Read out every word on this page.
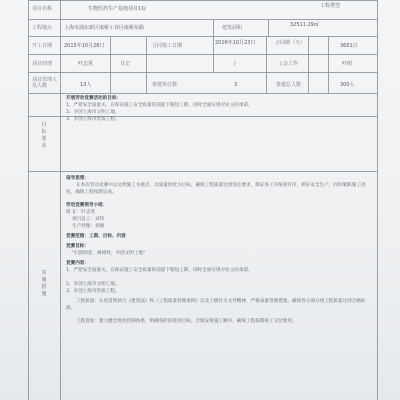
项目名称	生物医药生产基地项目1标	工程类型
工程地点 上海市浦东新区康桥工业区康桥东路	建筑面积	32511.29㎡
开工日期 2015年10月28日	合同竣工日期	2016年10月23日	合同期（天）	3661日
项目经理	叶志英	日记	/	工会工作	叶绍
项目管理人员人数	13人	参建单位数	3	参建总人数	300人
目标要求
开展劳动竞赛活动的目标：
1、严把安全质量关，在保证施工安全质量的前提下缩短工期，同时全面实现对业主的承诺。
2、争创上海市文明工地。
3、争创上海市优质工程。
实施措施
指导思想：
在本次劳动竞赛中以文明施工为重点，以质量创优为目标，确保工程质量达到预定要求，保证各工序衔接有序，抓好安全生产，同时紧抓施工进度，确保工程按期完成。
劳动竞赛领导小组：
组 长：叶志英
项目总工：刘伟
生产经理：刘强
竞赛范围：工期、目标、内容
竞赛目标：
"扫黑除恶，树榜样，共创文明工地"
竞赛内容：
1、严把安全质量关，在保证施工安全质量的前提下缩短工期，同时全面实现对业主的承诺。
2、争创上海市文明工地。
3、争创上海市优质工程。
工程质量：认真贯彻执行《建筑法》和《工程质量管理条例》以及上级有关文件精神，严格质量管理措施，确保各分部分项工程质量达到合格标准。
工程进度：建立健全进度控制体系，明确各阶段进度目标，合理安排施工顺序，确保工程按期竣工交付使用。
